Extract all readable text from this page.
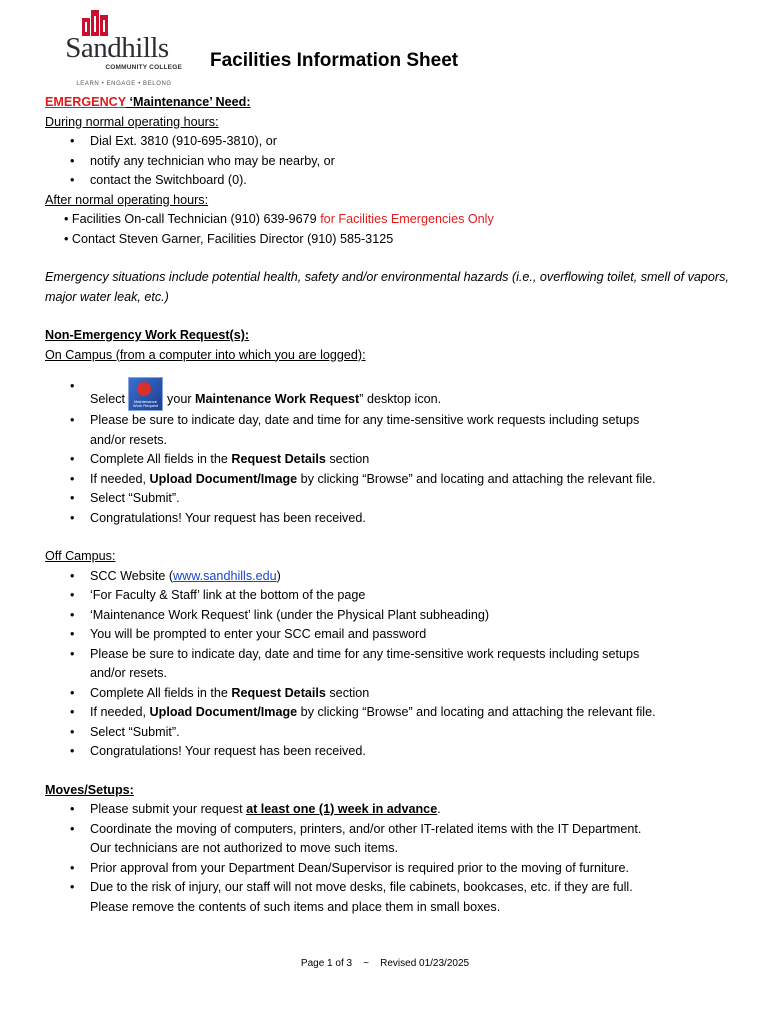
Sandhills
COMMUNITY COLLEGE
LEARN • ENGAGE • BELONG
Facilities Information Sheet
EMERGENCY ‘Maintenance’ Need:
During normal operating hours:
• Dial Ext. 3810 (910-695-3810), or
• notify any technician who may be nearby, or
• contact the Switchboard (0).
After normal operating hours:
• Facilities On-call Technician (910) 639-9679 for Facilities Emergencies Only
• Contact Steven Garner, Facilities Director (910) 585-3125
Emergency situations include potential health, safety and/or environmental hazards (i.e., overflowing toilet, smell of vapors, major water leak, etc.)
Non-Emergency Work Request(s):
On Campus (from a computer into which you are logged):
• Select	Maintenance Work Request your Maintenance Work Request” desktop icon.
• Please be sure to indicate day, date and time for any time-sensitive work requests including setups
and/or resets.
• Complete All fields in the Request Details section
• If needed, Upload Document/Image by clicking “Browse” and locating and attaching the relevant file.
• Select “Submit”.
• Congratulations! Your request has been received.
Off Campus:
• SCC Website (www.sandhills.edu)
• ‘For Faculty & Staff’ link at the bottom of the page
• ‘Maintenance Work Request’ link (under the Physical Plant subheading)
• You will be prompted to enter your SCC email and password
• Please be sure to indicate day, date and time for any time-sensitive work requests including setups
and/or resets.
• Complete All fields in the Request Details section
• If needed, Upload Document/Image by clicking “Browse” and locating and attaching the relevant file.
• Select “Submit”.
• Congratulations! Your request has been received.
Moves/Setups:
• Please submit your request at least one (1) week in advance.
• Coordinate the moving of computers, printers, and/or other IT-related items with the IT Department.
Our technicians are not authorized to move such items.
• Prior approval from your Department Dean/Supervisor is required prior to the moving of furniture.
• Due to the risk of injury, our staff will not move desks, file cabinets, bookcases, etc. if they are full.
Please remove the contents of such items and place them in small boxes.
Page 1 of 3    ~    Revised 01/23/2025
